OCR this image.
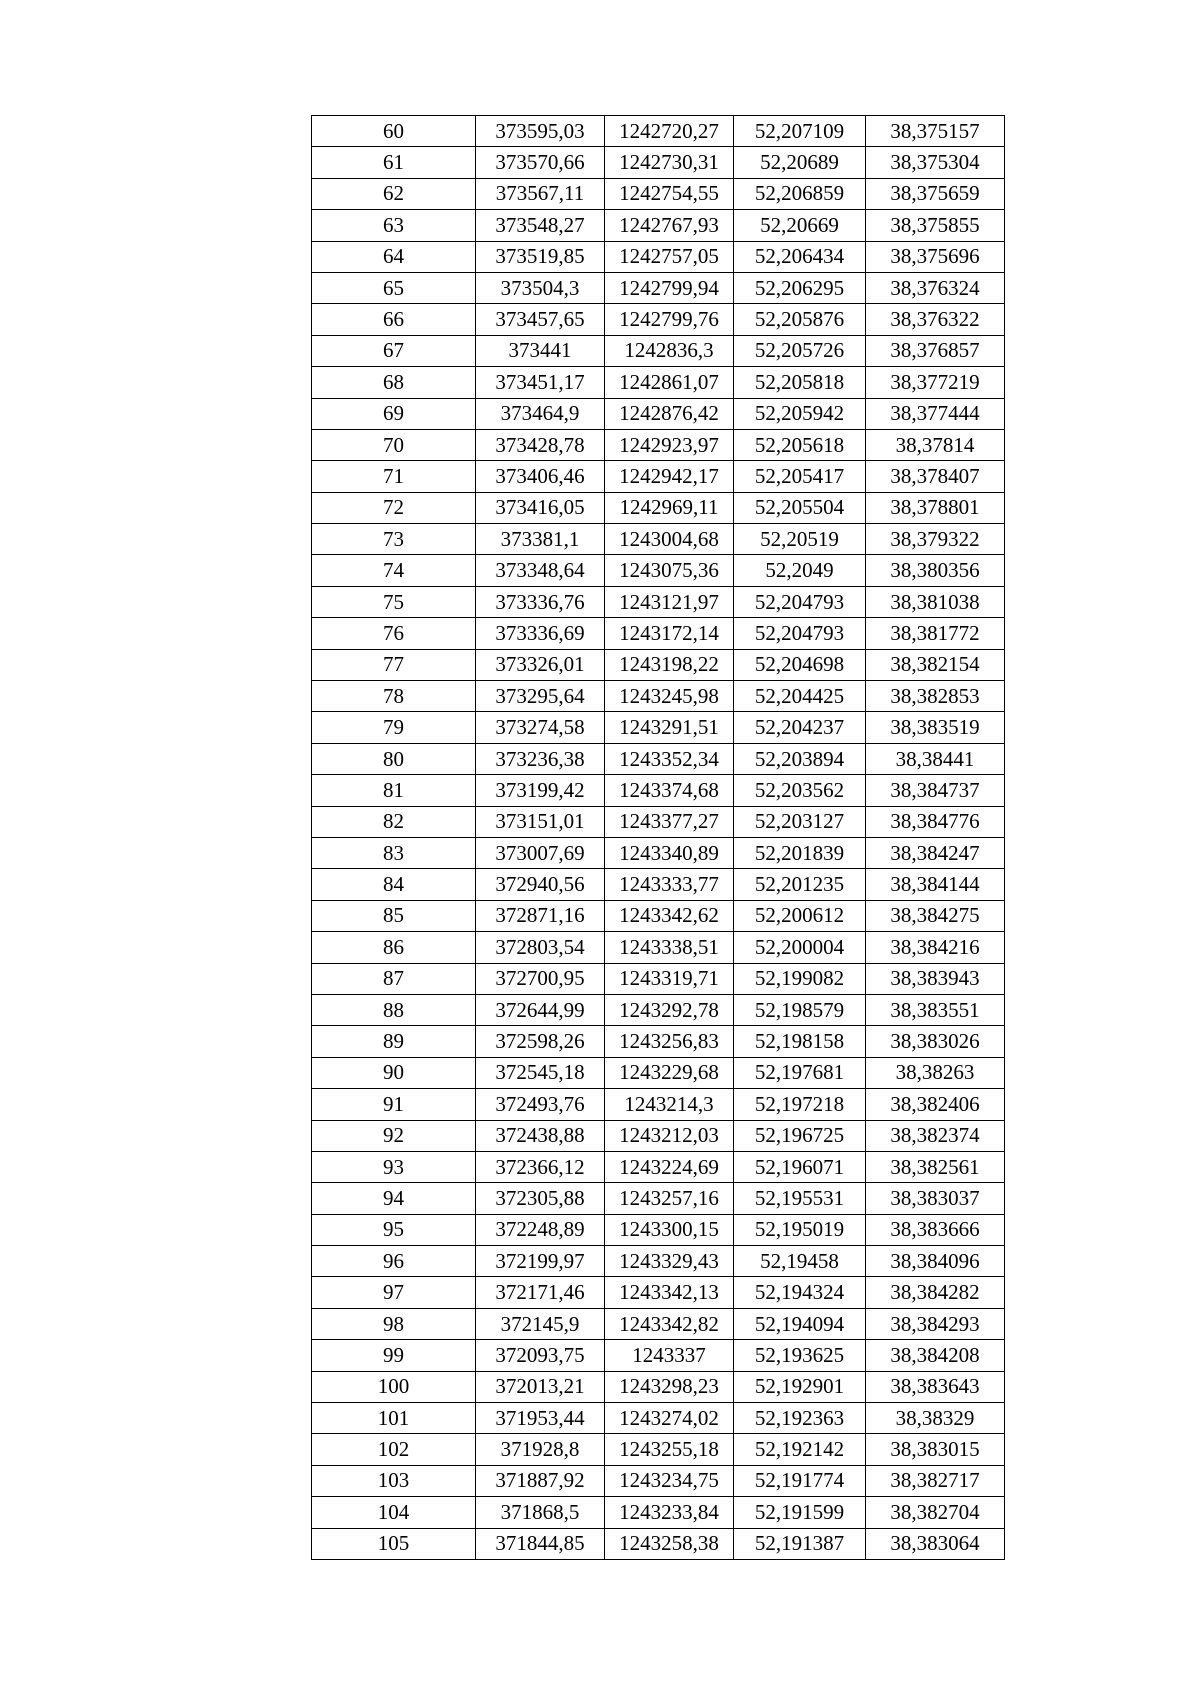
60	373595,03	1242720,27	52,207109	38,375157
61	373570,66	1242730,31	52,20689	38,375304
62	373567,11	1242754,55	52,206859	38,375659
63	373548,27	1242767,93	52,20669	38,375855
64	373519,85	1242757,05	52,206434	38,375696
65	373504,3	1242799,94	52,206295	38,376324
66	373457,65	1242799,76	52,205876	38,376322
67	373441	1242836,3	52,205726	38,376857
68	373451,17	1242861,07	52,205818	38,377219
69	373464,9	1242876,42	52,205942	38,377444
70	373428,78	1242923,97	52,205618	38,37814
71	373406,46	1242942,17	52,205417	38,378407
72	373416,05	1242969,11	52,205504	38,378801
73	373381,1	1243004,68	52,20519	38,379322
74	373348,64	1243075,36	52,2049	38,380356
75	373336,76	1243121,97	52,204793	38,381038
76	373336,69	1243172,14	52,204793	38,381772
77	373326,01	1243198,22	52,204698	38,382154
78	373295,64	1243245,98	52,204425	38,382853
79	373274,58	1243291,51	52,204237	38,383519
80	373236,38	1243352,34	52,203894	38,38441
81	373199,42	1243374,68	52,203562	38,384737
82	373151,01	1243377,27	52,203127	38,384776
83	373007,69	1243340,89	52,201839	38,384247
84	372940,56	1243333,77	52,201235	38,384144
85	372871,16	1243342,62	52,200612	38,384275
86	372803,54	1243338,51	52,200004	38,384216
87	372700,95	1243319,71	52,199082	38,383943
88	372644,99	1243292,78	52,198579	38,383551
89	372598,26	1243256,83	52,198158	38,383026
90	372545,18	1243229,68	52,197681	38,38263
91	372493,76	1243214,3	52,197218	38,382406
92	372438,88	1243212,03	52,196725	38,382374
93	372366,12	1243224,69	52,196071	38,382561
94	372305,88	1243257,16	52,195531	38,383037
95	372248,89	1243300,15	52,195019	38,383666
96	372199,97	1243329,43	52,19458	38,384096
97	372171,46	1243342,13	52,194324	38,384282
98	372145,9	1243342,82	52,194094	38,384293
99	372093,75	1243337	52,193625	38,384208
100	372013,21	1243298,23	52,192901	38,383643
101	371953,44	1243274,02	52,192363	38,38329
102	371928,8	1243255,18	52,192142	38,383015
103	371887,92	1243234,75	52,191774	38,382717
104	371868,5	1243233,84	52,191599	38,382704
105	371844,85	1243258,38	52,191387	38,383064
